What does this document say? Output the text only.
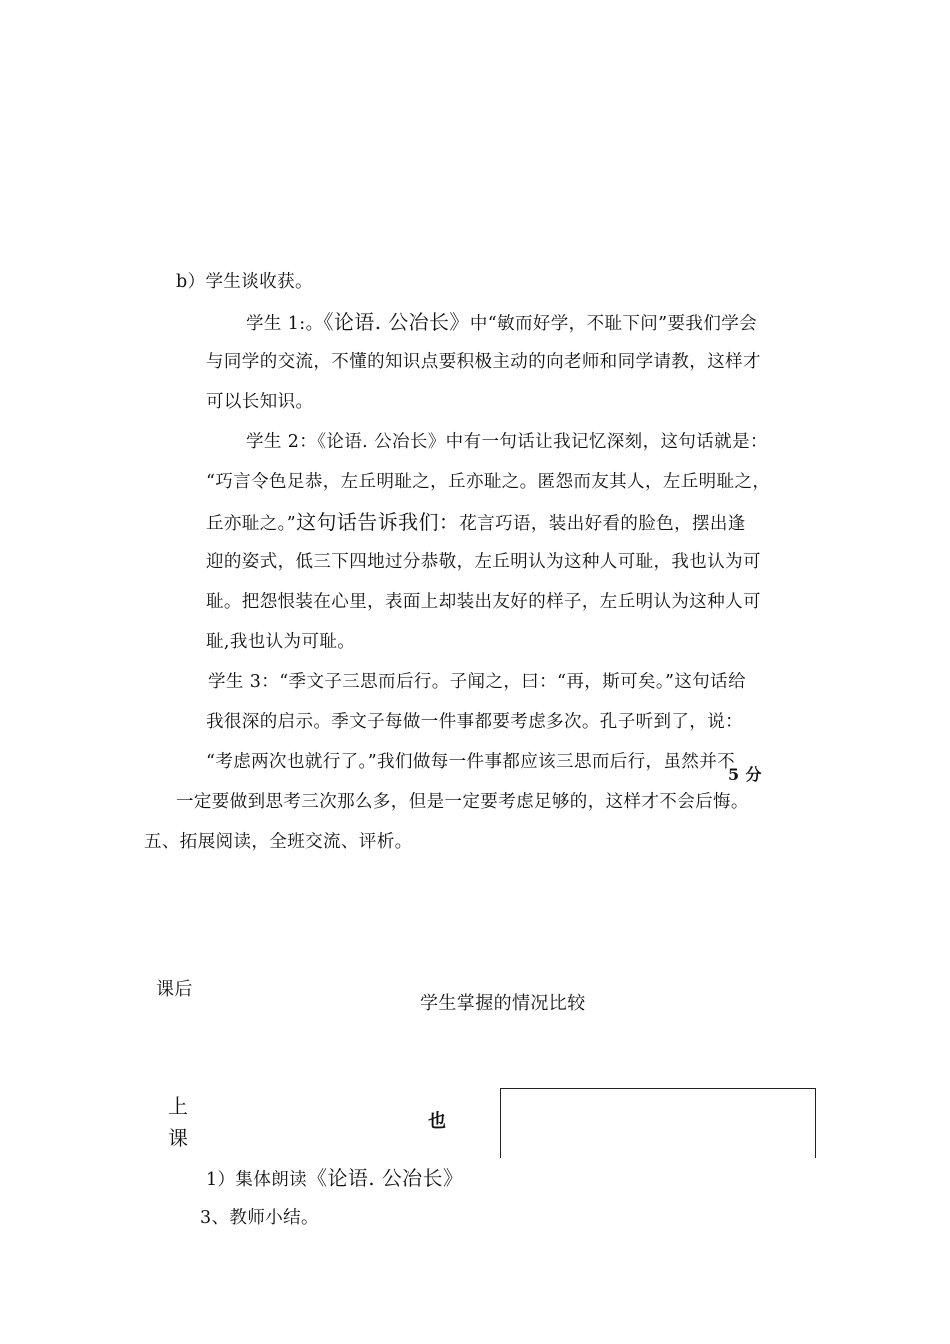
b）学生谈收获。
学生 1:。《论语. 公冶长》中“敏而好学，不耻下问”要我们学会
与同学的交流，不懂的知识点要积极主动的向老师和同学请教，这样才
可以长知识。
学生 2：《论语. 公冶长》中有一句话让我记忆深刻，这句话就是：
“巧言令色足恭，左丘明耻之，丘亦耻之。匿怨而友其人，左丘明耻之，
丘亦耻之。”这句话告诉我们：花言巧语，装出好看的脸色，摆出逢
迎的姿式，低三下四地过分恭敬，左丘明认为这种人可耻，我也认为可
耻。把怨恨装在心里，表面上却装出友好的样子，左丘明认为这种人可
耻,我也认为可耻。
学生 3：“季文子三思而后行。子闻之，曰：“再，斯可矣。”这句话给
我很深的启示。季文子每做一件事都要考虑多次。孔子听到了，说：
“考虑两次也就行了。”我们做每一件事都应该三思而后行，虽然并不
5 分
一定要做到思考三次那么多，但是一定要考虑足够的，这样才不会后悔。
五、拓展阅读，全班交流、评析。
课后
学生掌握的情况比较
上
课
也
1）集体朗读《论语. 公冶长》
3、教师小结。
